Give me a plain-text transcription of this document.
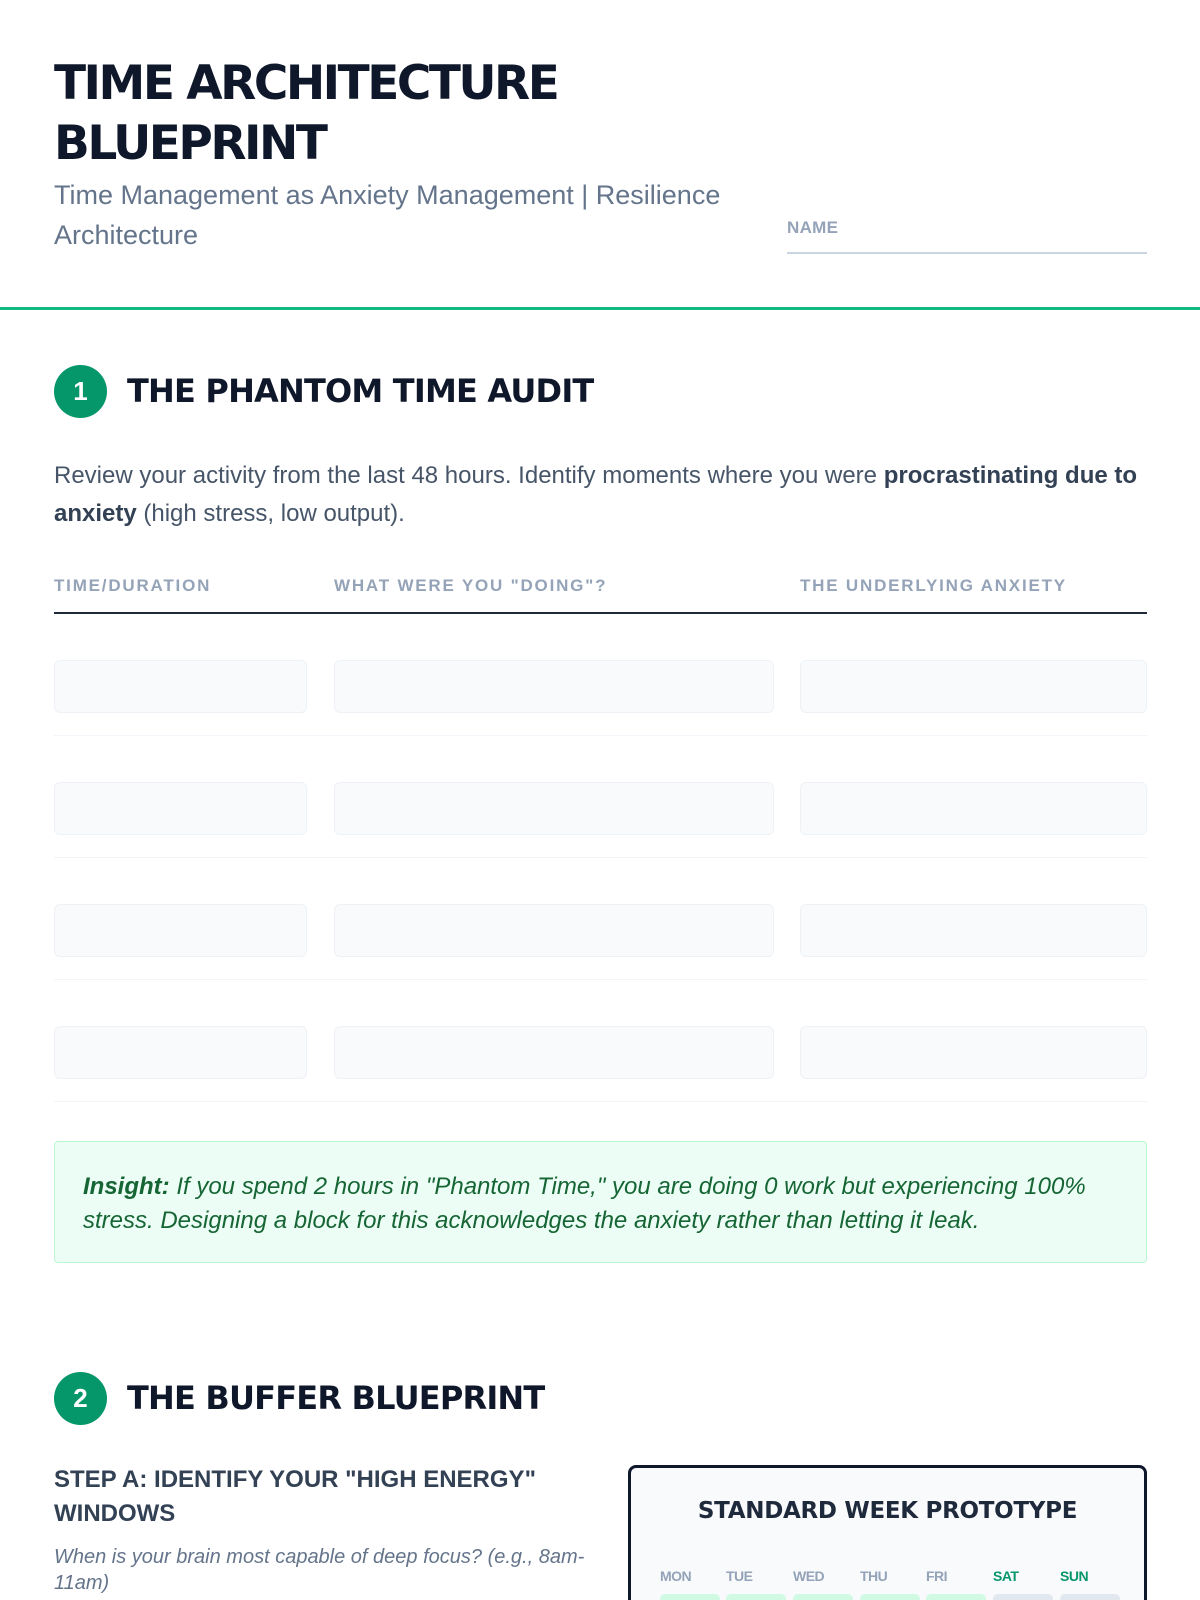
TIME ARCHITECTURE
BLUEPRINT
Time Management as Anxiety Management | Resilience Architecture	NAME
1	THE PHANTOM TIME AUDIT

Review your activity from the last 48 hours. Identify moments where you were procrastinating due to anxiety (high stress, low output).

TIME/DURATION	WHAT WERE YOU "DOING"?	THE UNDERLYING ANXIETY
Insight: If you spend 2 hours in "Phantom Time," you are doing 0 work but experiencing 100% stress. Designing a block for this acknowledges the anxiety rather than letting it leak.
2	THE BUFFER BLUEPRINT
STEP A: IDENTIFY YOUR "HIGH ENERGY" WINDOWS
When is your brain most capable of deep focus? (e.g., 8am-11am)
STANDARD WEEK PROTOTYPE
MON	TUE	WED	THU	FRI	SAT	SUN
